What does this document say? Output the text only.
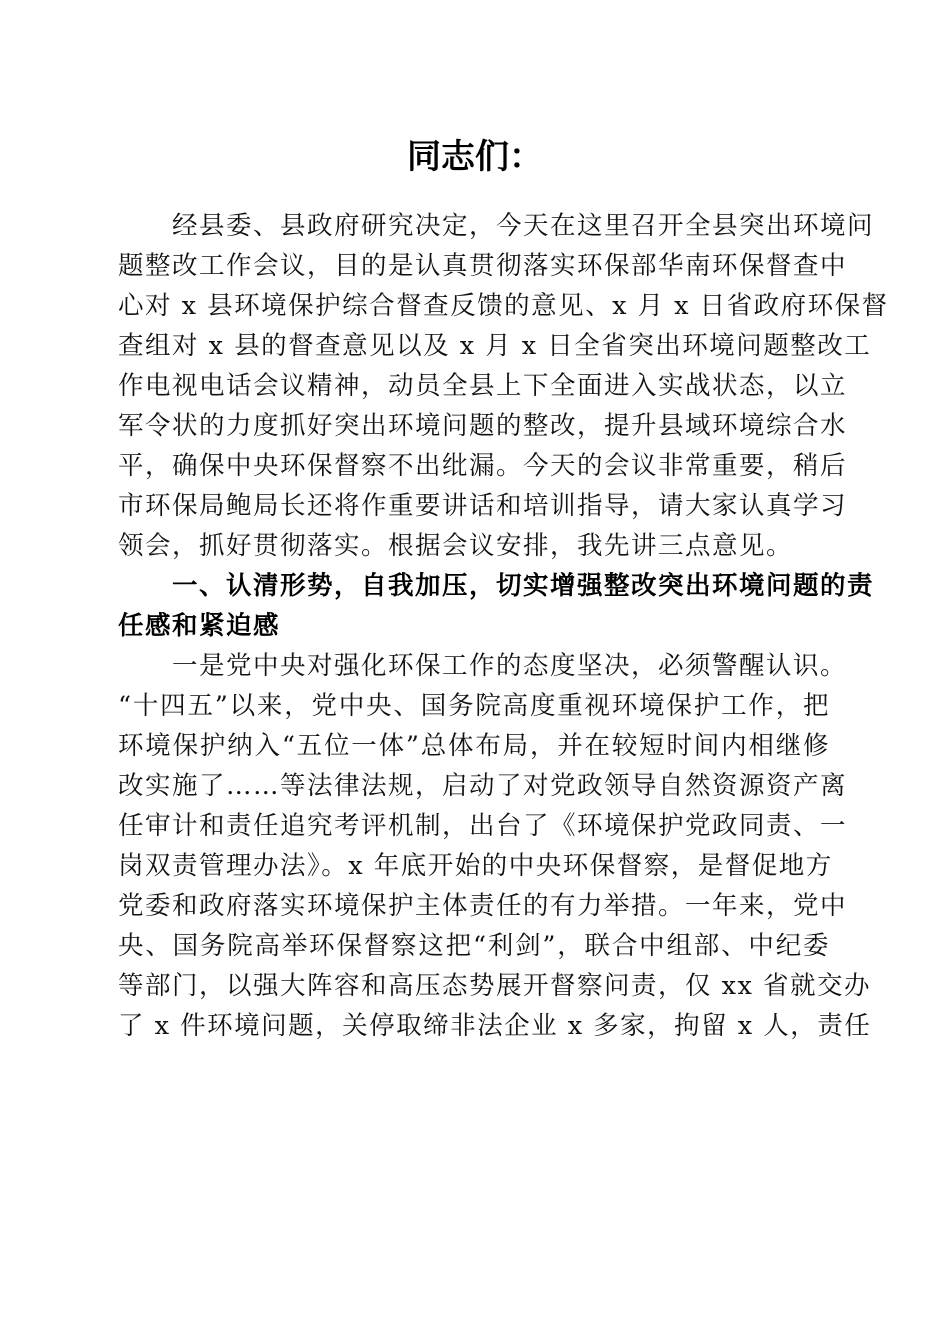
同志们：
　　经县委、县政府研究决定，今天在这里召开全县突出环境问
题整改工作会议，目的是认真贯彻落实环保部华南环保督查中
心对 x 县环境保护综合督查反馈的意见、x 月 x 日省政府环保督
查组对 x 县的督查意见以及 x 月 x 日全省突出环境问题整改工
作电视电话会议精神，动员全县上下全面进入实战状态，以立
军令状的力度抓好突出环境问题的整改，提升县域环境综合水
平，确保中央环保督察不出纰漏。今天的会议非常重要，稍后
市环保局鲍局长还将作重要讲话和培训指导，请大家认真学习
领会，抓好贯彻落实。根据会议安排，我先讲三点意见。
　　一、认清形势，自我加压，切实增强整改突出环境问题的责
任感和紧迫感
　　一是党中央对强化环保工作的态度坚决，必须警醒认识。
“十四五”以来，党中央、国务院高度重视环境保护工作，把
环境保护纳入“五位一体”总体布局，并在较短时间内相继修
改实施了……等法律法规，启动了对党政领导自然资源资产离
任审计和责任追究考评机制，出台了《环境保护党政同责、一
岗双责管理办法》。x 年底开始的中央环保督察，是督促地方
党委和政府落实环境保护主体责任的有力举措。一年来，党中
央、国务院高举环保督察这把“利剑”，联合中组部、中纪委
等部门，以强大阵容和高压态势展开督察问责，仅 xx 省就交办
了 x 件环境问题，关停取缔非法企业 x 多家，拘留 x 人，责任
